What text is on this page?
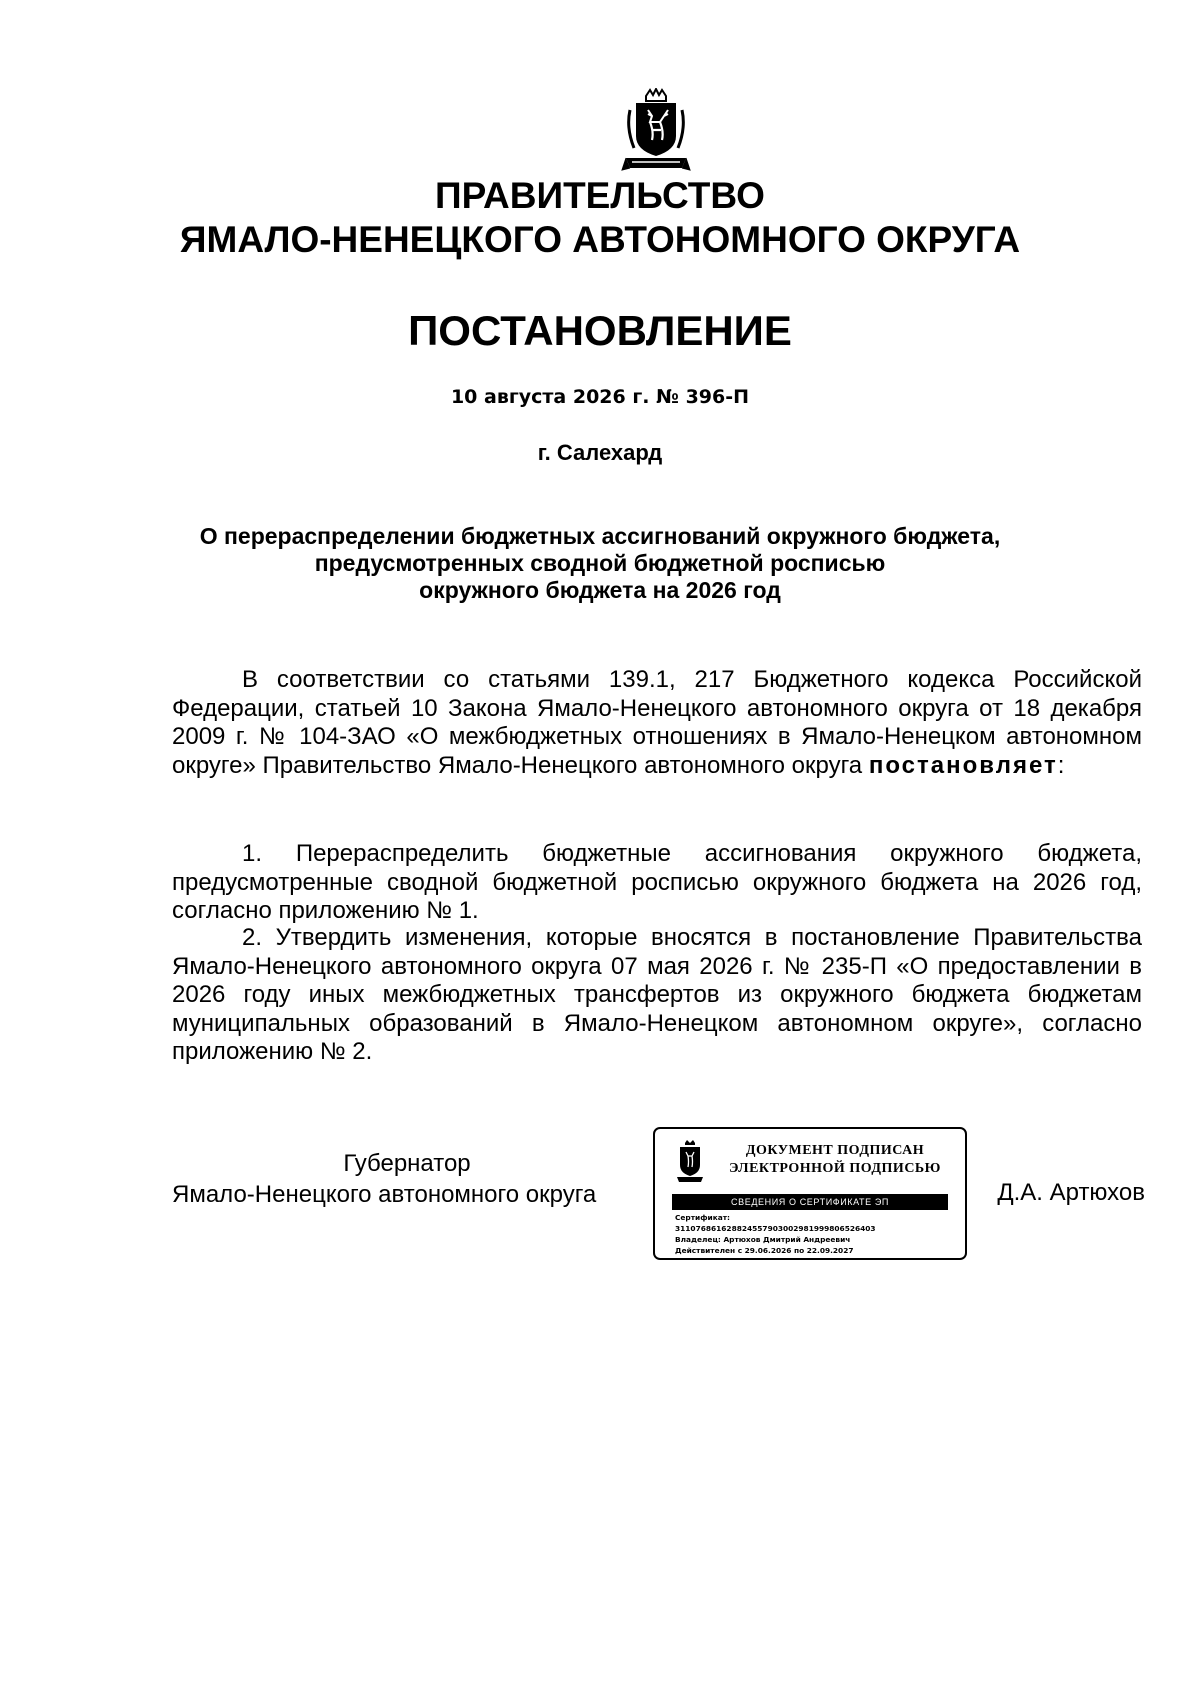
ПРАВИТЕЛЬСТВО
ЯМАЛО-НЕНЕЦКОГО АВТОНОМНОГО ОКРУГА
ПОСТАНОВЛЕНИЕ
10 августа 2026 г. № 396-П
г. Салехард
О перераспределении бюджетных ассигнований окружного бюджета,
предусмотренных сводной бюджетной росписью
окружного бюджета на 2026 год
В соответствии со статьями 139.1, 217 Бюджетного кодекса Российской Федерации, статьей 10 Закона Ямало-Ненецкого автономного округа от 18 декабря 2009 г. № 104-ЗАО «О межбюджетных отношениях в Ямало-Ненецком автономном округе» Правительство Ямало-Ненецкого автономного округа постановляет:
1. Перераспределить бюджетные ассигнования окружного бюджета, предусмотренные сводной бюджетной росписью окружного бюджета на 2026 год, согласно приложению № 1.
2. Утвердить изменения, которые вносятся в постановление Правительства Ямало-Ненецкого автономного округа 07 мая 2026 г. № 235-П «О предоставлении в 2026 году иных межбюджетных трансфертов из окружного бюджета бюджетам муниципальных образований в Ямало-Ненецком автономном округе», согласно приложению № 2.
Губернатор
Ямало-Ненецкого автономного округа
ДОКУМЕНТ ПОДПИСАН
ЭЛЕКТРОННОЙ ПОДПИСЬЮ
СВЕДЕНИЯ О СЕРТИФИКАТЕ ЭП
Сертификат:
311076861628824557903002981999806526403
Владелец: Артюхов Дмитрий Андреевич
Действителен с 29.06.2026 по 22.09.2027
Д.А. Артюхов
